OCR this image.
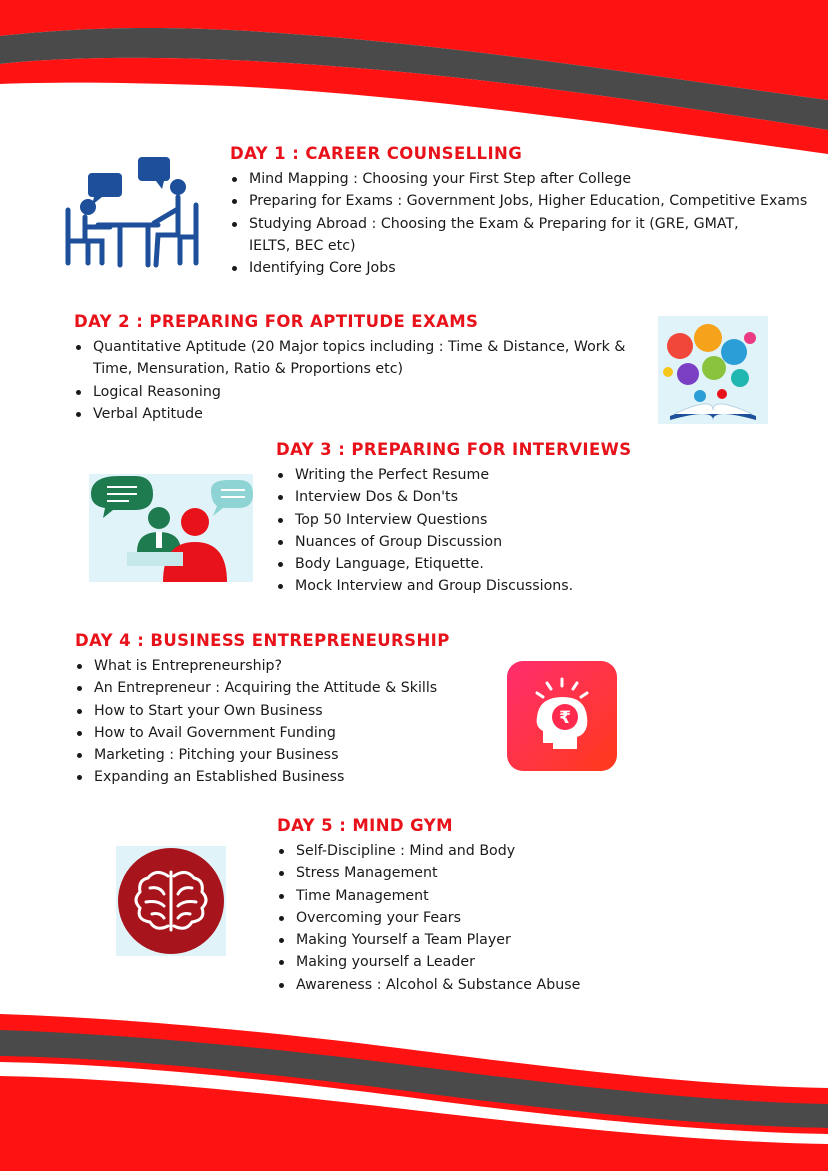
DAY 1 : CAREER COUNSELLING
Mind Mapping : Choosing your First Step after College
Preparing for Exams : Government Jobs, Higher Education, Competitive Exams
Studying Abroad : Choosing the Exam & Preparing for it (GRE, GMAT,
IELTS, BEC etc)
Identifying Core Jobs
DAY 2 : PREPARING FOR APTITUDE EXAMS
Quantitative Aptitude (20 Major topics including : Time & Distance, Work &
Time, Mensuration, Ratio & Proportions etc)
Logical Reasoning
Verbal Aptitude
DAY 3 : PREPARING FOR INTERVIEWS
Writing the Perfect Resume
Interview Dos & Don'ts
Top 50 Interview Questions
Nuances of Group Discussion
Body Language, Etiquette.
Mock Interview and Group Discussions.
DAY 4 : BUSINESS ENTREPRENEURSHIP
What is Entrepreneurship?
An Entrepreneur : Acquiring the Attitude & Skills
How to Start your Own Business
How to Avail Government Funding
Marketing : Pitching your Business
Expanding an Established Business
₹
DAY 5 : MIND GYM
Self-Discipline : Mind and Body
Stress Management
Time Management
Overcoming your Fears
Making Yourself a Team Player
Making yourself a Leader
Awareness : Alcohol & Substance Abuse
